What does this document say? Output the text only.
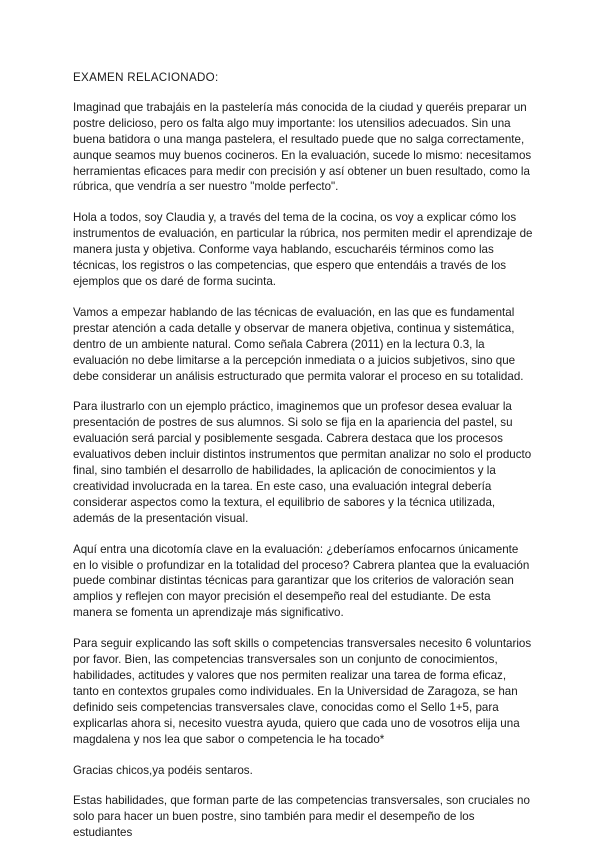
EXAMEN RELACIONADO:

Imaginad que trabajáis en la pastelería más conocida de la ciudad y queréis preparar un postre delicioso, pero os falta algo muy importante: los utensilios adecuados. Sin una buena batidora o una manga pastelera, el resultado puede que no salga correctamente, aunque seamos muy buenos cocineros. En la evaluación, sucede lo mismo: necesitamos herramientas eficaces para medir con precisión y así obtener un buen resultado, como la rúbrica, que vendría a ser nuestro "molde perfecto".

Hola a todos, soy Claudia y, a través del tema de la cocina, os voy a explicar cómo los instrumentos de evaluación, en particular la rúbrica, nos permiten medir el aprendizaje de manera justa y objetiva. Conforme vaya hablando, escucharéis términos como las técnicas, los registros o las competencias, que espero que entendáis a través de los ejemplos que os daré de forma sucinta.

Vamos a empezar hablando de las técnicas de evaluación, en las que es fundamental prestar atención a cada detalle y observar de manera objetiva, continua y sistemática, dentro de un ambiente natural. Como señala Cabrera (2011) en la lectura 0.3, la evaluación no debe limitarse a la percepción inmediata o a juicios subjetivos, sino que debe considerar un análisis estructurado que permita valorar el proceso en su totalidad.

Para ilustrarlo con un ejemplo práctico, imaginemos que un profesor desea evaluar la presentación de postres de sus alumnos. Si solo se fija en la apariencia del pastel, su evaluación será parcial y posiblemente sesgada. Cabrera destaca que los procesos evaluativos deben incluir distintos instrumentos que permitan analizar no solo el producto final, sino también el desarrollo de habilidades, la aplicación de conocimientos y la creatividad involucrada en la tarea. En este caso, una evaluación integral debería considerar aspectos como la textura, el equilibrio de sabores y la técnica utilizada, además de la presentación visual.

Aquí entra una dicotomía clave en la evaluación: ¿deberíamos enfocarnos únicamente en lo visible o profundizar en la totalidad del proceso? Cabrera plantea que la evaluación puede combinar distintas técnicas para garantizar que los criterios de valoración sean amplios y reflejen con mayor precisión el desempeño real del estudiante. De esta manera se fomenta un aprendizaje más significativo.

Para seguir explicando las soft skills o competencias transversales necesito 6 voluntarios por favor. Bien, las competencias transversales son un conjunto de conocimientos, habilidades, actitudes y valores que nos permiten realizar una tarea de forma eficaz, tanto en contextos grupales como individuales. En la Universidad de Zaragoza, se han definido seis competencias transversales clave, conocidas como el Sello 1+5, para explicarlas ahora si, necesito vuestra ayuda, quiero que cada uno de vosotros elija una magdalena y nos lea que sabor o competencia le ha tocado*

Gracias chicos,ya podéis sentaros.

Estas habilidades, que forman parte de las competencias transversales, son cruciales no solo para hacer un buen postre, sino también para medir el desempeño de los estudiantes
